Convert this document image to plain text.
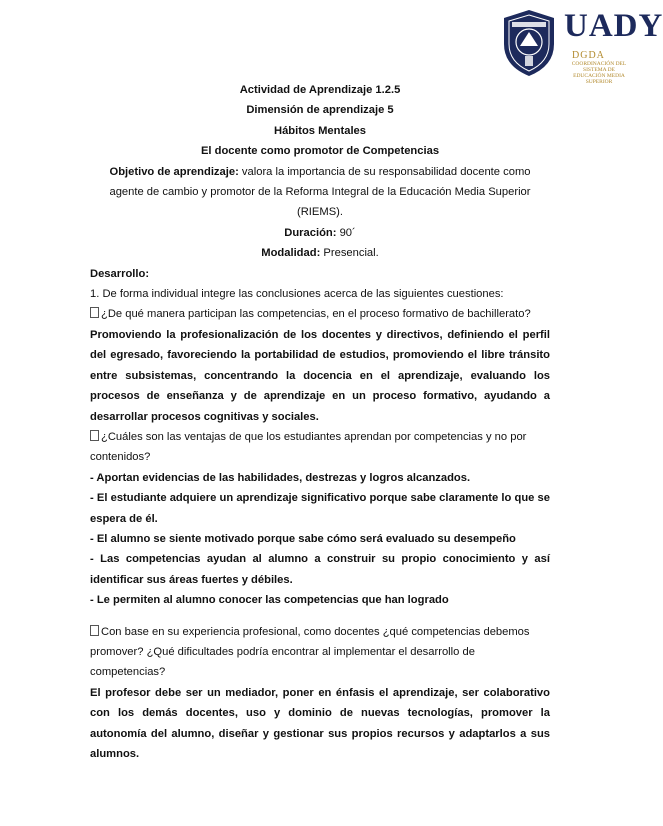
UADY
DGDA
COORDINACIÓN DEL SISTEMA DE EDUCACIÓN MEDIA SUPERIOR

Actividad de Aprendizaje 1.2.5

Dimensión de aprendizaje 5

Hábitos Mentales

El docente como promotor de Competencias

Objetivo de aprendizaje: valora la importancia de su responsabilidad docente como agente de cambio y promotor de la Reforma Integral de la Educación Media Superior (RIEMS).

Duración: 90´

Modalidad: Presencial.

Desarrollo:

1. De forma individual integre las conclusiones acerca de las siguientes cuestiones:

¿De qué manera participan las competencias, en el proceso formativo de bachillerato?

Promoviendo la profesionalización de los docentes y directivos, definiendo el perfil del egresado, favoreciendo la portabilidad de estudios, promoviendo el libre tránsito entre subsistemas, concentrando la docencia en el aprendizaje, evaluando los procesos de enseñanza y de aprendizaje en un proceso formativo, ayudando a desarrollar procesos cognitivas y sociales.

¿Cuáles son las ventajas de que los estudiantes aprendan por competencias y no por contenidos?

- Aportan evidencias de las habilidades, destrezas y logros alcanzados.

- El estudiante adquiere un aprendizaje significativo porque sabe claramente lo que se espera de él.

- El alumno se siente motivado porque sabe cómo será evaluado su desempeño

- Las competencias ayudan al alumno a construir su propio conocimiento y así identificar sus áreas fuertes y débiles.

- Le permiten al alumno conocer las competencias que han logrado

Con base en su experiencia profesional, como docentes ¿qué competencias debemos promover? ¿Qué dificultades podría encontrar al implementar el desarrollo de competencias?

El profesor debe ser un mediador, poner en énfasis el aprendizaje, ser colaborativo con los demás docentes, uso y dominio de nuevas tecnologías, promover la autonomía del alumno, diseñar y gestionar sus propios recursos y adaptarlos a sus alumnos.
